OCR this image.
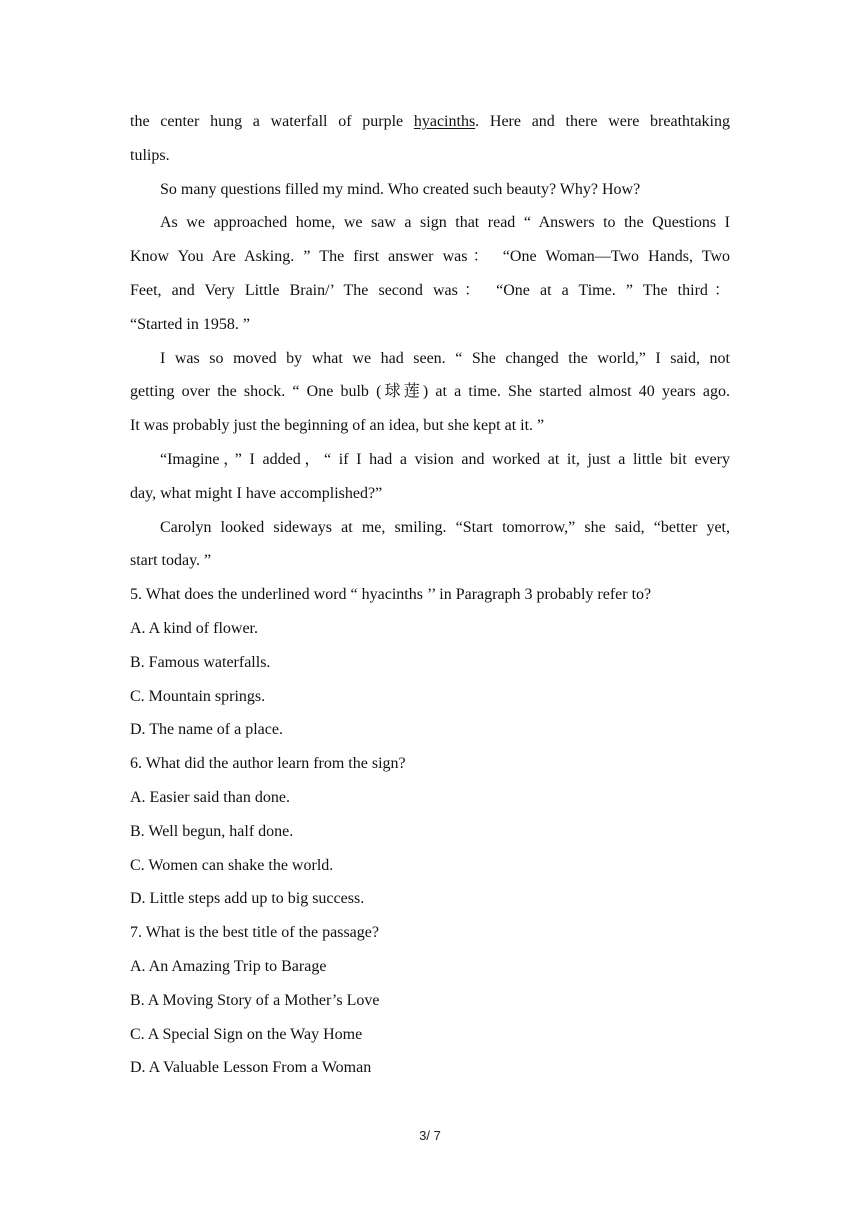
the center hung a waterfall of purple hyacinths. Here and there were breathtaking
tulips.
So many questions filled my mind. Who created such beauty? Why? How?
As we approached home, we saw a sign that read “ Answers to the Questions I
Know You Are Asking. ” The first answer was： “One Woman—Two Hands, Two
Feet, and Very Little Brain/’ The second was： “One at a Time. ” The third：
“Started in 1958. ”
I was so moved by what we had seen. “ She changed the world,” I said, not
getting over the shock. “ One bulb (球莲) at a time. She started almost 40 years ago.
It was probably just the beginning of an idea, but she kept at it. ”
“Imagine，” I added，“ if I had a vision and worked at it, just a little bit every
day, what might I have accomplished?”
Carolyn looked sideways at me, smiling. “Start tomorrow,” she said, “better yet,
start today. ”
5. What does the underlined word “ hyacinths ’’ in Paragraph 3 probably refer to?
A. A kind of flower.
B. Famous waterfalls.
C. Mountain springs.
D. The name of a place.
6. What did the author learn from the sign?
A. Easier said than done.
B. Well begun, half done.
C. Women can shake the world.
D. Little steps add up to big success.
7. What is the best title of the passage?
A. An Amazing Trip to Barage
B. A Moving Story of a Mother’s Love
C. A Special Sign on the Way Home
D. A Valuable Lesson From a Woman
3/ 7
